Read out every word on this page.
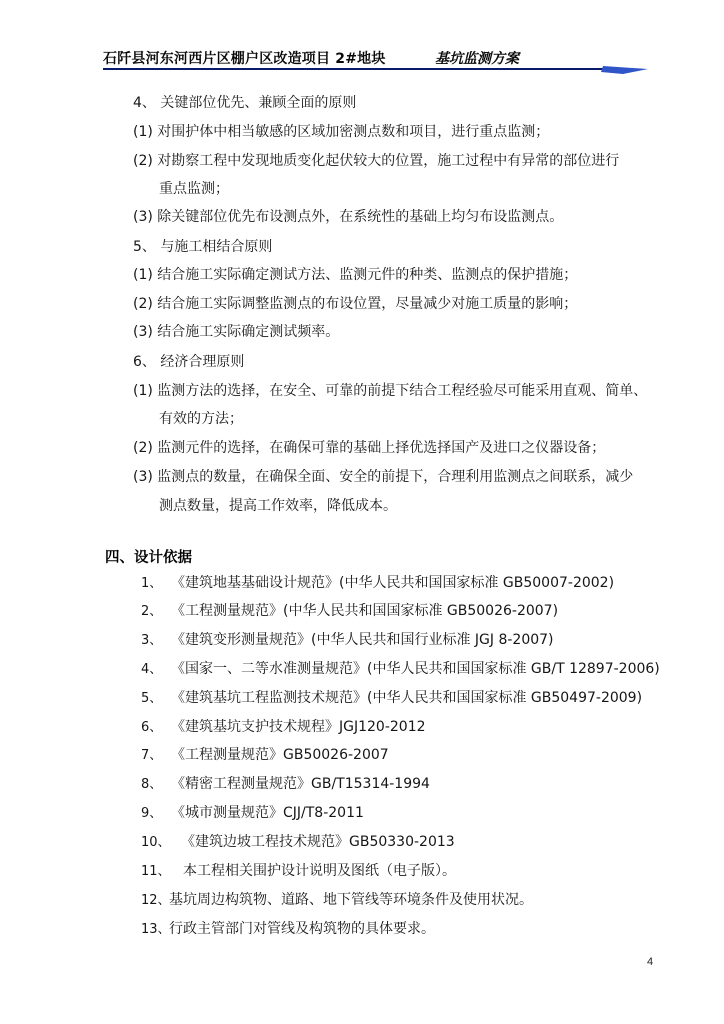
石阡县河东河西片区棚户区改造项目 2#地块	基坑监测方案
4、 关键部位优先、兼顾全面的原则
(1) 对围护体中相当敏感的区域加密测点数和项目，进行重点监测；
(2) 对勘察工程中发现地质变化起伏较大的位置，施工过程中有异常的部位进行
重点监测；
(3) 除关键部位优先布设测点外，在系统性的基础上均匀布设监测点。
5、 与施工相结合原则
(1) 结合施工实际确定测试方法、监测元件的种类、监测点的保护措施；
(2) 结合施工实际调整监测点的布设位置，尽量减少对施工质量的影响；
(3) 结合施工实际确定测试频率。
6、 经济合理原则
(1) 监测方法的选择，在安全、可靠的前提下结合工程经验尽可能采用直观、简单、
有效的方法；
(2) 监测元件的选择，在确保可靠的基础上择优选择国产及进口之仪器设备；
(3) 监测点的数量，在确保全面、安全的前提下，合理利用监测点之间联系，减少
测点数量，提高工作效率，降低成本。
四、设计依据
1、 《建筑地基基础设计规范》(中华人民共和国国家标准 GB50007-2002)
2、 《工程测量规范》(中华人民共和国国家标准 GB50026-2007)
3、 《建筑变形测量规范》(中华人民共和国行业标准 JGJ 8-2007)
4、 《国家一、二等水准测量规范》(中华人民共和国国家标准 GB/T 12897-2006)
5、 《建筑基坑工程监测技术规范》(中华人民共和国国家标准 GB50497-2009)
6、 《建筑基坑支护技术规程》JGJ120-2012
7、 《工程测量规范》GB50026-2007
8、 《精密工程测量规范》GB/T15314-1994
9、 《城市测量规范》CJJ/T8-2011
10、 《建筑边坡工程技术规范》GB50330-2013
11、 本工程相关围护设计说明及图纸（电子版）。
12、基坑周边构筑物、道路、地下管线等环境条件及使用状况。
13、行政主管部门对管线及构筑物的具体要求。
4
